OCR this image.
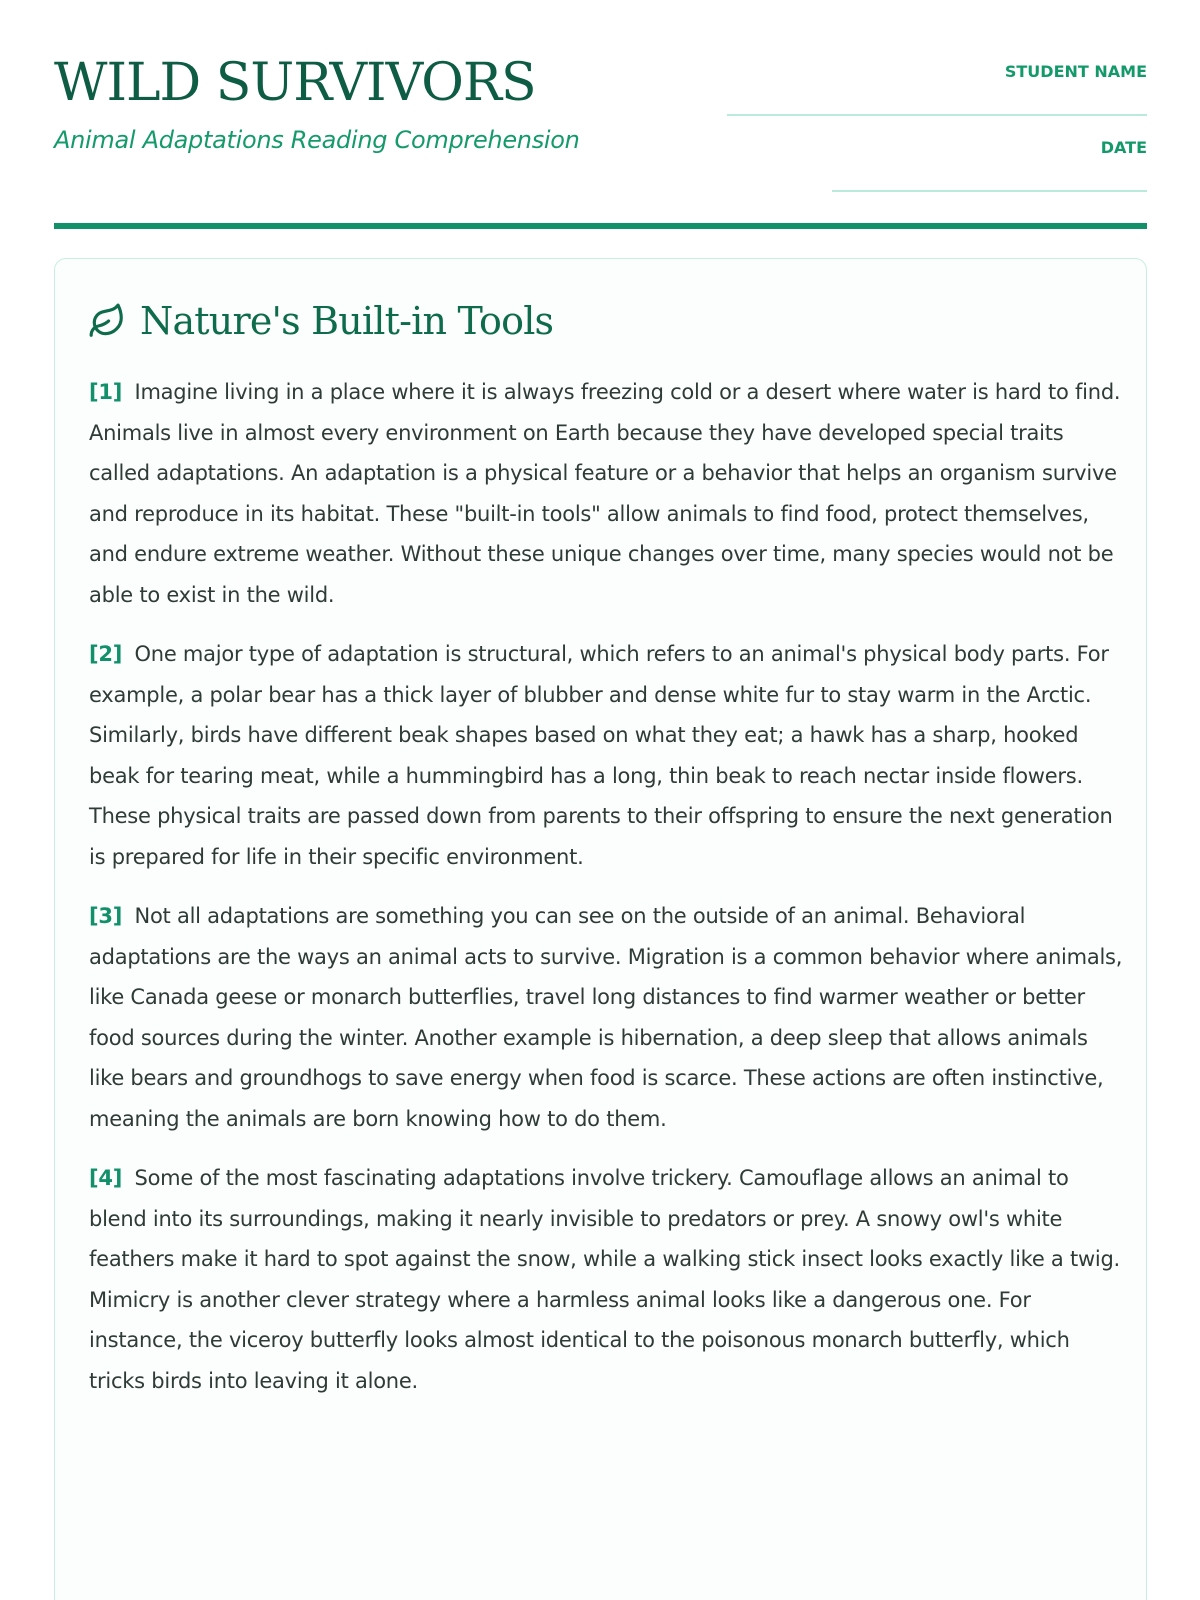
WILD SURVIVORS

Animal Adaptations Reading Comprehension

STUDENT NAME
DATE
Nature's Built-in Tools

[1] Imagine living in a place where it is always freezing cold or a desert where water is hard to find. Animals live in almost every environment on Earth because they have developed special traits called adaptations. An adaptation is a physical feature or a behavior that helps an organism survive and reproduce in its habitat. These "built-in tools" allow animals to find food, protect themselves, and endure extreme weather. Without these unique changes over time, many species would not be able to exist in the wild.

[2] One major type of adaptation is structural, which refers to an animal's physical body parts. For example, a polar bear has a thick layer of blubber and dense white fur to stay warm in the Arctic. Similarly, birds have different beak shapes based on what they eat; a hawk has a sharp, hooked beak for tearing meat, while a hummingbird has a long, thin beak to reach nectar inside flowers. These physical traits are passed down from parents to their offspring to ensure the next generation is prepared for life in their specific environment.

[3] Not all adaptations are something you can see on the outside of an animal. Behavioral adaptations are the ways an animal acts to survive. Migration is a common behavior where animals, like Canada geese or monarch butterflies, travel long distances to find warmer weather or better food sources during the winter. Another example is hibernation, a deep sleep that allows animals like bears and groundhogs to save energy when food is scarce. These actions are often instinctive, meaning the animals are born knowing how to do them.

[4] Some of the most fascinating adaptations involve trickery. Camouflage allows an animal to blend into its surroundings, making it nearly invisible to predators or prey. A snowy owl's white feathers make it hard to spot against the snow, while a walking stick insect looks exactly like a twig. Mimicry is another clever strategy where a harmless animal looks like a dangerous one. For instance, the viceroy butterfly looks almost identical to the poisonous monarch butterfly, which tricks birds into leaving it alone.
